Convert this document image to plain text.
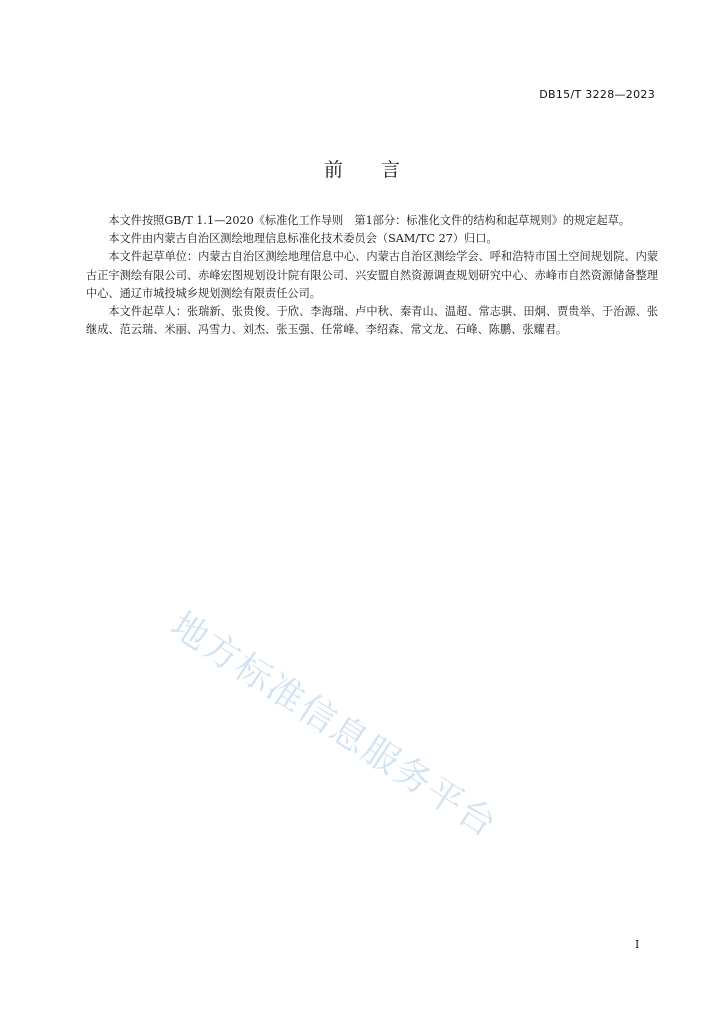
DB15/T 3228—2023
前言

本文件按照GB/T 1.1—2020《标准化工作导则　第1部分：标准化文件的结构和起草规则》的规定起草。

本文件由内蒙古自治区测绘地理信息标准化技术委员会（SAM/TC 27）归口。

本文件起草单位：内蒙古自治区测绘地理信息中心、内蒙古自治区测绘学会、呼和浩特市国土空间规划院、内蒙古正宇测绘有限公司、赤峰宏图规划设计院有限公司、兴安盟自然资源调查规划研究中心、赤峰市自然资源储备整理中心、通辽市城投城乡规划测绘有限责任公司。

本文件起草人：张瑞新、张贵俊、于欣、李海瑞、卢中秋、秦青山、温超、常志骐、田炯、贾贵举、于治源、张继成、范云瑞、米丽、冯雪力、刘杰、张玉强、任常峰、李绍森、常文龙、石峰、陈鹏、张耀君。

地方标准信息服务平台
I
